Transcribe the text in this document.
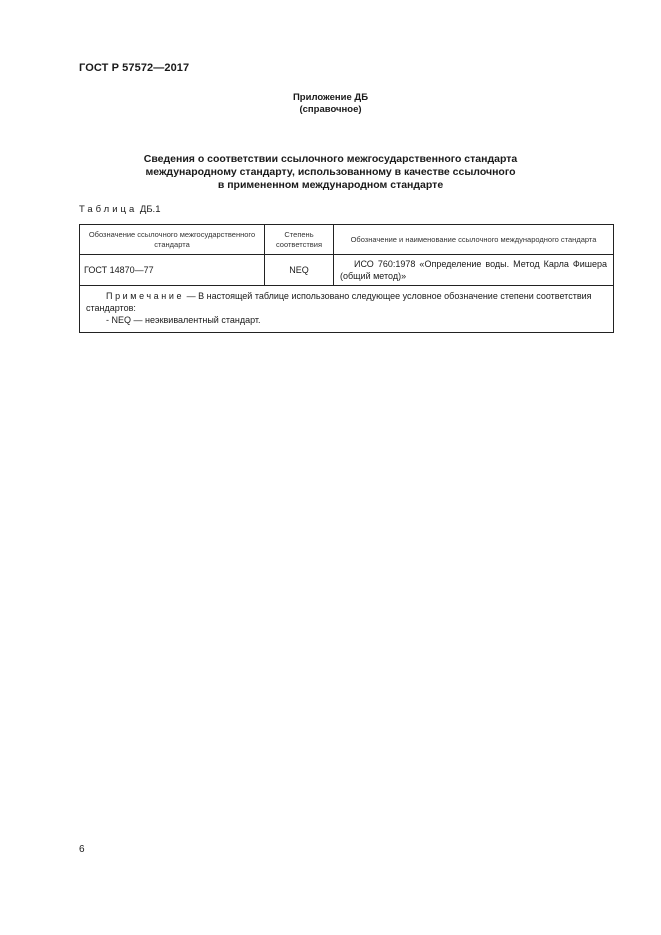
ГОСТ Р 57572—2017
Приложение ДБ
(справочное)
Сведения о соответствии ссылочного межгосударственного стандарта
международному стандарту, использованному в качестве ссылочного
в примененном международном стандарте
Таблица ДБ.1
Обозначение ссылочного межгосударственного стандарта	Степень соответствия	Обозначение и наименование ссылочного международного стандарта
ГОСТ 14870—77	NEQ	ИСО 760:1978 «Определение воды. Метод Карла Фишера (общий метод)»
Примечание — В настоящей таблице использовано следующее условное обозначение степени соответствия стандартов:
- NEQ — неэквивалентный стандарт.		
6
